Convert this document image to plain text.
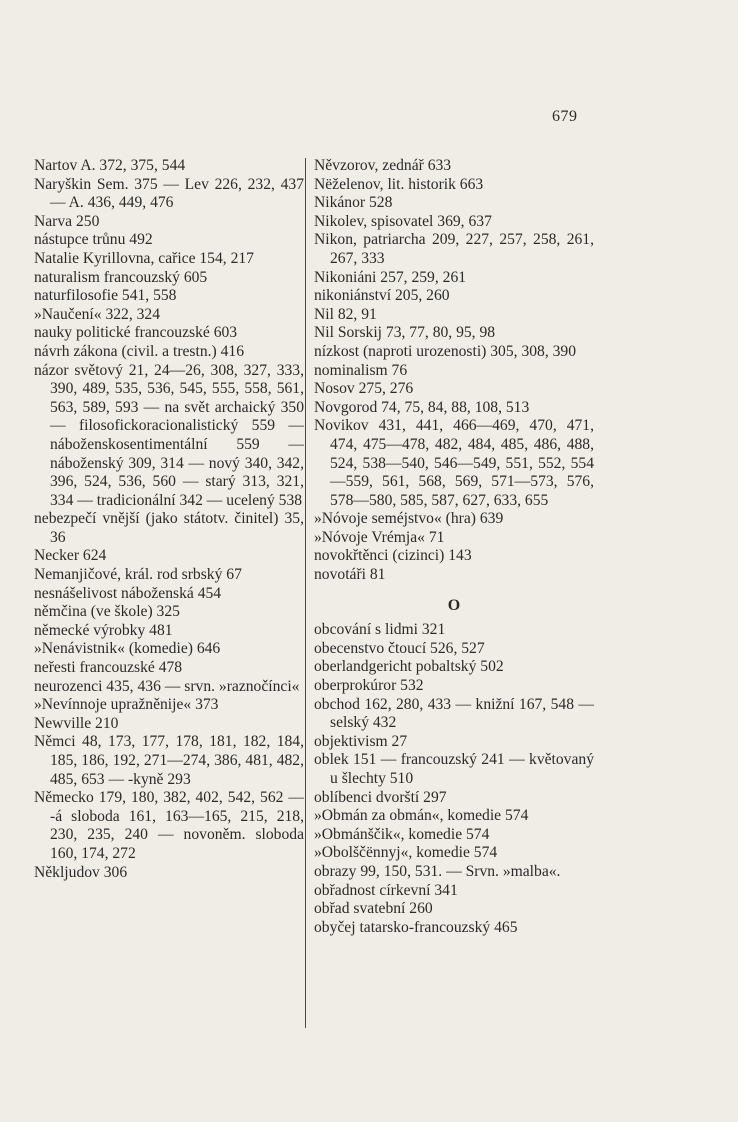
679

Nartov A. 372, 375, 544

Naryškin Sem. 375 — Lev 226, 232, 437 — A. 436, 449, 476

Narva 250

nástupce trůnu 492

Natalie Kyrillovna, cařice 154, 217

naturalism francouzský 605

naturfilosofie 541, 558

»Naučení« 322, 324

nauky politické francouzské 603

návrh zákona (civil. a trestn.) 416

názor světový 21, 24—26, 308, 327, 333, 390, 489, 535, 536, 545, 555, 558, 561, 563, 589, 593 — na svět archaický 350 — filosofickoracionalistický 559 — náboženskosentimentální 559 — náboženský 309, 314 — nový 340, 342, 396, 524, 536, 560 — starý 313, 321, 334 — tradicionální 342 — ucelený 538

nebezpečí vnější (jako státotv. činitel) 35, 36

Necker 624

Nemanjičové, král. rod srbský 67

nesnášelivost náboženská 454

němčina (ve škole) 325

německé výrobky 481

»Nenávistnik« (komedie) 646

neřesti francouzské 478

neurozenci 435, 436 — srvn. »raznočínci«

»Nevínnoje upražněnije« 373

Newville 210

Němci 48, 173, 177, 178, 181, 182, 184, 185, 186, 192, 271—274, 386, 481, 482, 485, 653 — -kyně 293

Německo 179, 180, 382, 402, 542, 562 — -á sloboda 161, 163—165, 215, 218, 230, 235, 240 — novoněm. sloboda 160, 174, 272

Někljudov 306

Něvzorov, zednář 633

Nëželenov, lit. historik 663

Nikánor 528

Nikolev, spisovatel 369, 637

Nikon, patriarcha 209, 227, 257, 258, 261, 267, 333

Nikoniáni 257, 259, 261

nikoniánství 205, 260

Nil 82, 91

Nil Sorskij 73, 77, 80, 95, 98

nízkost (naproti urozenosti) 305, 308, 390

nominalism 76

Nosov 275, 276

Novgorod 74, 75, 84, 88, 108, 513

Novikov 431, 441, 466—469, 470, 471, 474, 475—478, 482, 484, 485, 486, 488, 524, 538—540, 546—549, 551, 552, 554—559, 561, 568, 569, 571—573, 576, 578—580, 585, 587, 627, 633, 655

»Nóvoje seméjstvo« (hra) 639

»Nóvoje Vrémja« 71

novokřtěnci (cizinci) 143

novotáři 81

O

obcování s lidmi 321

obecenstvo čtoucí 526, 527

oberlandgericht pobaltský 502

oberprokúror 532

obchod 162, 280, 433 — knižní 167, 548 — selský 432

objektivism 27

oblek 151 — francouzský 241 — květovaný u šlechty 510

oblíbenci dvorští 297

»Obmán za obmán«, komedie 574

»Obmánščik«, komedie 574

»Obolščënnyj«, komedie 574

obrazy 99, 150, 531. — Srvn. »malba«.

obřadnost církevní 341

obřad svatební 260

obyčej tatarsko-francouzský 465
